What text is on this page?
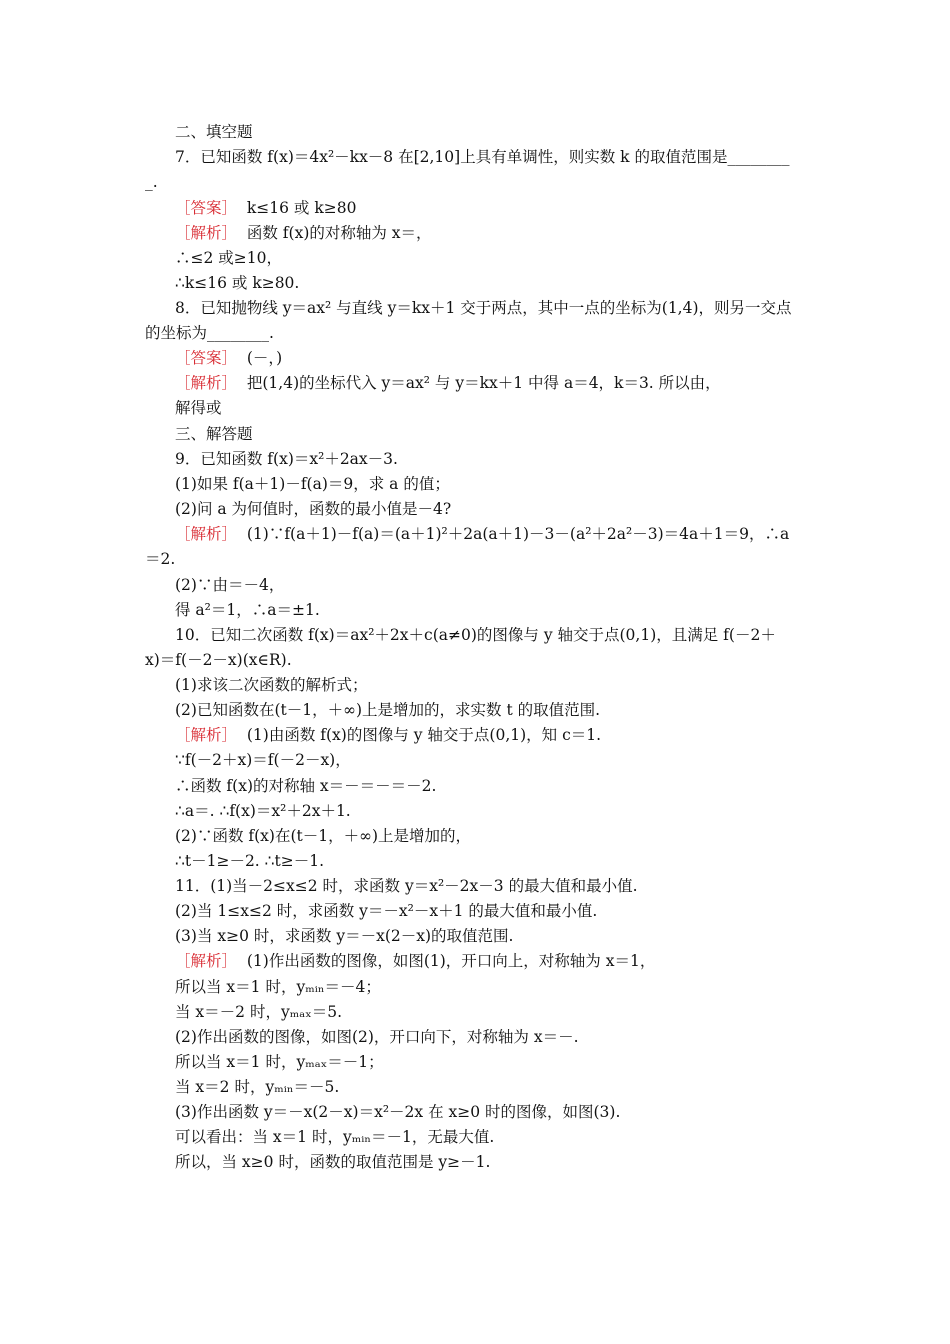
二、填空题
7．已知函数 f(x)＝4x²－kx－8 在[2,10]上具有单调性，则实数 k 的取值范围是________
_.
［答案］  k≤16 或 k≥80
［解析］  函数 f(x)的对称轴为 x＝，
∴≤2 或≥10，
∴k≤16 或 k≥80.
8．已知抛物线 y＝ax² 与直线 y＝kx＋1 交于两点，其中一点的坐标为(1,4)，则另一交点
的坐标为________.
［答案］  (－，)
［解析］  把(1,4)的坐标代入 y＝ax² 与 y＝kx＋1 中得 a＝4，k＝3. 所以由，
解得或
三、解答题
9．已知函数 f(x)＝x²＋2ax－3.
(1)如果 f(a＋1)－f(a)＝9，求 a 的值；
(2)问 a 为何值时，函数的最小值是－4?
［解析］  (1)∵f(a＋1)－f(a)＝(a＋1)²＋2a(a＋1)－3－(a²＋2a²－3)＝4a＋1＝9，∴a
＝2.
(2)∵由＝－4，
得 a²＝1，∴a＝±1.
10．已知二次函数 f(x)＝ax²＋2x＋c(a≠0)的图像与 y 轴交于点(0,1)，且满足 f(－2＋
x)＝f(－2－x)(x∈R).
(1)求该二次函数的解析式；
(2)已知函数在(t－1，＋∞)上是增加的，求实数 t 的取值范围.
［解析］  (1)由函数 f(x)的图像与 y 轴交于点(0,1)，知 c＝1.
∵f(－2＋x)＝f(－2－x)，
∴函数 f(x)的对称轴 x＝－＝－＝－2.
∴a＝. ∴f(x)＝x²＋2x＋1.
(2)∵函数 f(x)在(t－1，＋∞)上是增加的，
∴t－1≥－2. ∴t≥－1.
11．(1)当－2≤x≤2 时，求函数 y＝x²－2x－3 的最大值和最小值.
(2)当 1≤x≤2 时，求函数 y＝－x²－x＋1 的最大值和最小值.
(3)当 x≥0 时，求函数 y＝－x(2－x)的取值范围.
［解析］  (1)作出函数的图像，如图(1)，开口向上，对称轴为 x＝1，
所以当 x＝1 时，yₘᵢₙ＝－4；
当 x＝－2 时，yₘₐₓ＝5.
(2)作出函数的图像，如图(2)，开口向下，对称轴为 x＝－.
所以当 x＝1 时，yₘₐₓ＝－1；
当 x＝2 时，yₘᵢₙ＝－5.
(3)作出函数 y＝－x(2－x)＝x²－2x 在 x≥0 时的图像，如图(3).
可以看出：当 x＝1 时，yₘᵢₙ＝－1，无最大值.
所以，当 x≥0 时，函数的取值范围是 y≥－1.
